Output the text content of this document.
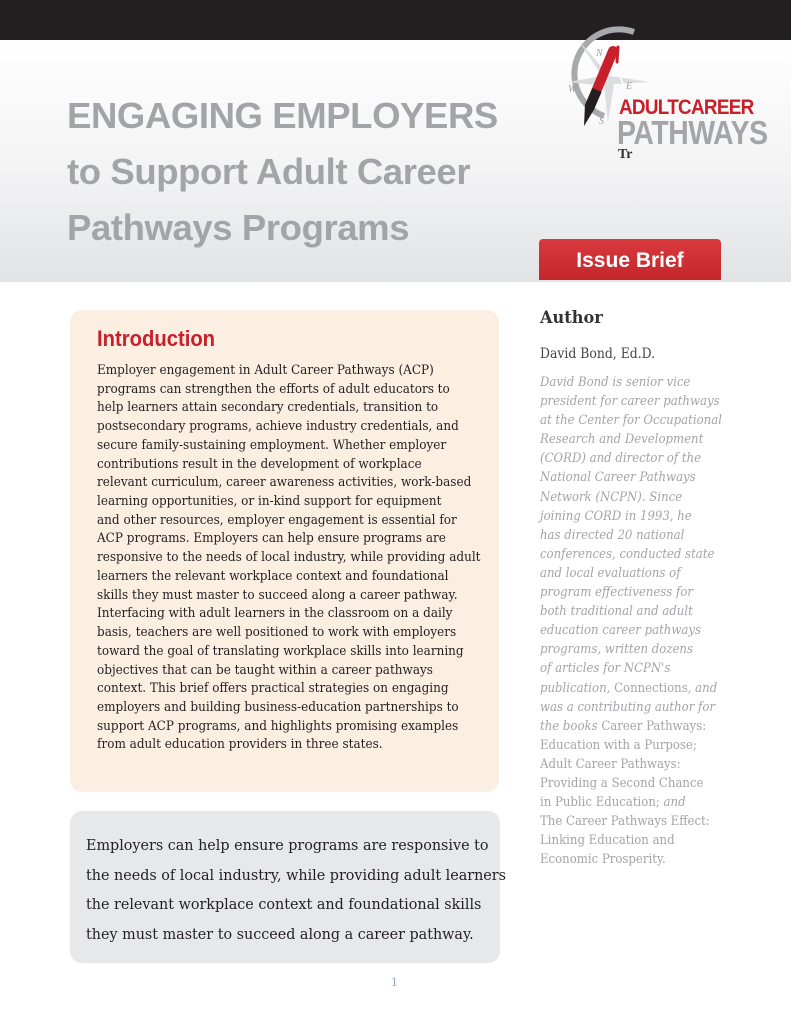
ENGAGING EMPLOYERS
to Support Adult Career
Pathways Programs
N
E
S
W
ADULTCAREER
PATHWAYS
Tr
Issue Brief
Introduction
Employer engagement in Adult Career Pathways (ACP)
programs can strengthen the efforts of adult educators to
help learners attain secondary credentials, transition to
postsecondary programs, achieve industry credentials, and
secure family-sustaining employment. Whether employer
contributions result in the development of workplace
relevant curriculum, career awareness activities, work-based
learning opportunities, or in-kind support for equipment
and other resources, employer engagement is essential for
ACP programs. Employers can help ensure programs are
responsive to the needs of local industry, while providing adult
learners the relevant workplace context and foundational
skills they must master to succeed along a career pathway.
Interfacing with adult learners in the classroom on a daily
basis, teachers are well positioned to work with employers
toward the goal of translating workplace skills into learning
objectives that can be taught within a career pathways
context. This brief offers practical strategies on engaging
employers and building business-education partnerships to
support ACP programs, and highlights promising examples
from adult education providers in three states.
Employers can help ensure programs are responsive to
the needs of local industry, while providing adult learners
the relevant workplace context and foundational skills
they must master to succeed along a career pathway.
Author
David Bond, Ed.D.
David Bond is senior vice
president for career pathways
at the Center for Occupational
Research and Development
(CORD) and director of the
National Career Pathways
Network (NCPN). Since
joining CORD in 1993, he
has directed 20 national
conferences, conducted state
and local evaluations of
program effectiveness for
both traditional and adult
education career pathways
programs, written dozens
of articles for NCPN's
publication, Connections, and
was a contributing author for
the books Career Pathways:
Education with a Purpose;
Adult Career Pathways:
Providing a Second Chance
in Public Education; and
The Career Pathways Effect:
Linking Education and
Economic Prosperity.
1
